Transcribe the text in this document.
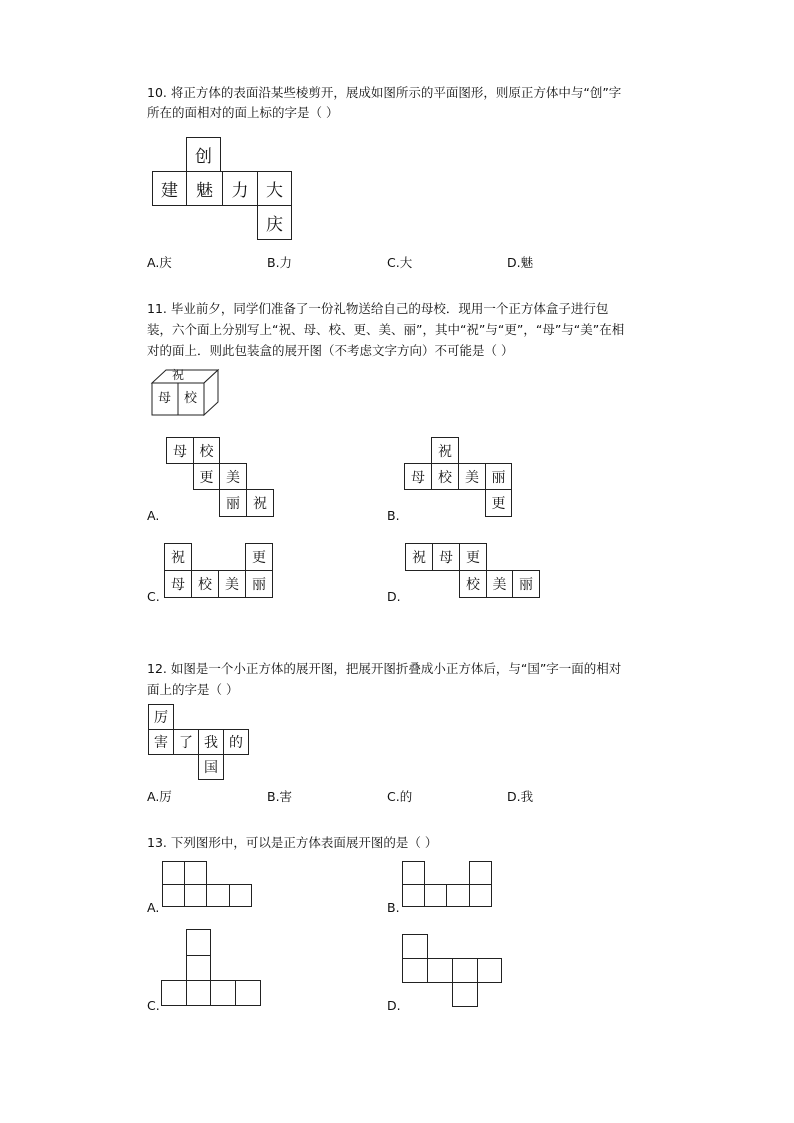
10. 将正方体的表面沿某些棱剪开，展成如图所示的平面图形，则原正方体中与“创”字
所在的面相对的面上标的字是（ ）
创
建	魅	力	大
庆
A.庆	B.力	C.大	D.魅
11. 毕业前夕，同学们准备了一份礼物送给自己的母校．现用一个正方体盒子进行包
装，六个面上分别写上“祝、母、校、更、美、丽”，其中“祝”与“更”，“母”与“美”在相
对的面上．则此包装盒的展开图（不考虑文字方向）不可能是（ ）
祝
母 校
A.
母 校
更 美
丽 祝
B.
祝
母 校 美 丽
更
C.
祝	更
母 校 美 丽
D.
祝 母 更
校 美 丽
12. 如图是一个小正方体的展开图，把展开图折叠成小正方体后，与“国”字一面的相对
面上的字是（ ）
厉
害 了 我 的
国
A.厉	B.害	C.的	D.我
13. 下列图形中，可以是正方体表面展开图的是（ ）
A.	B.
C.	D.
